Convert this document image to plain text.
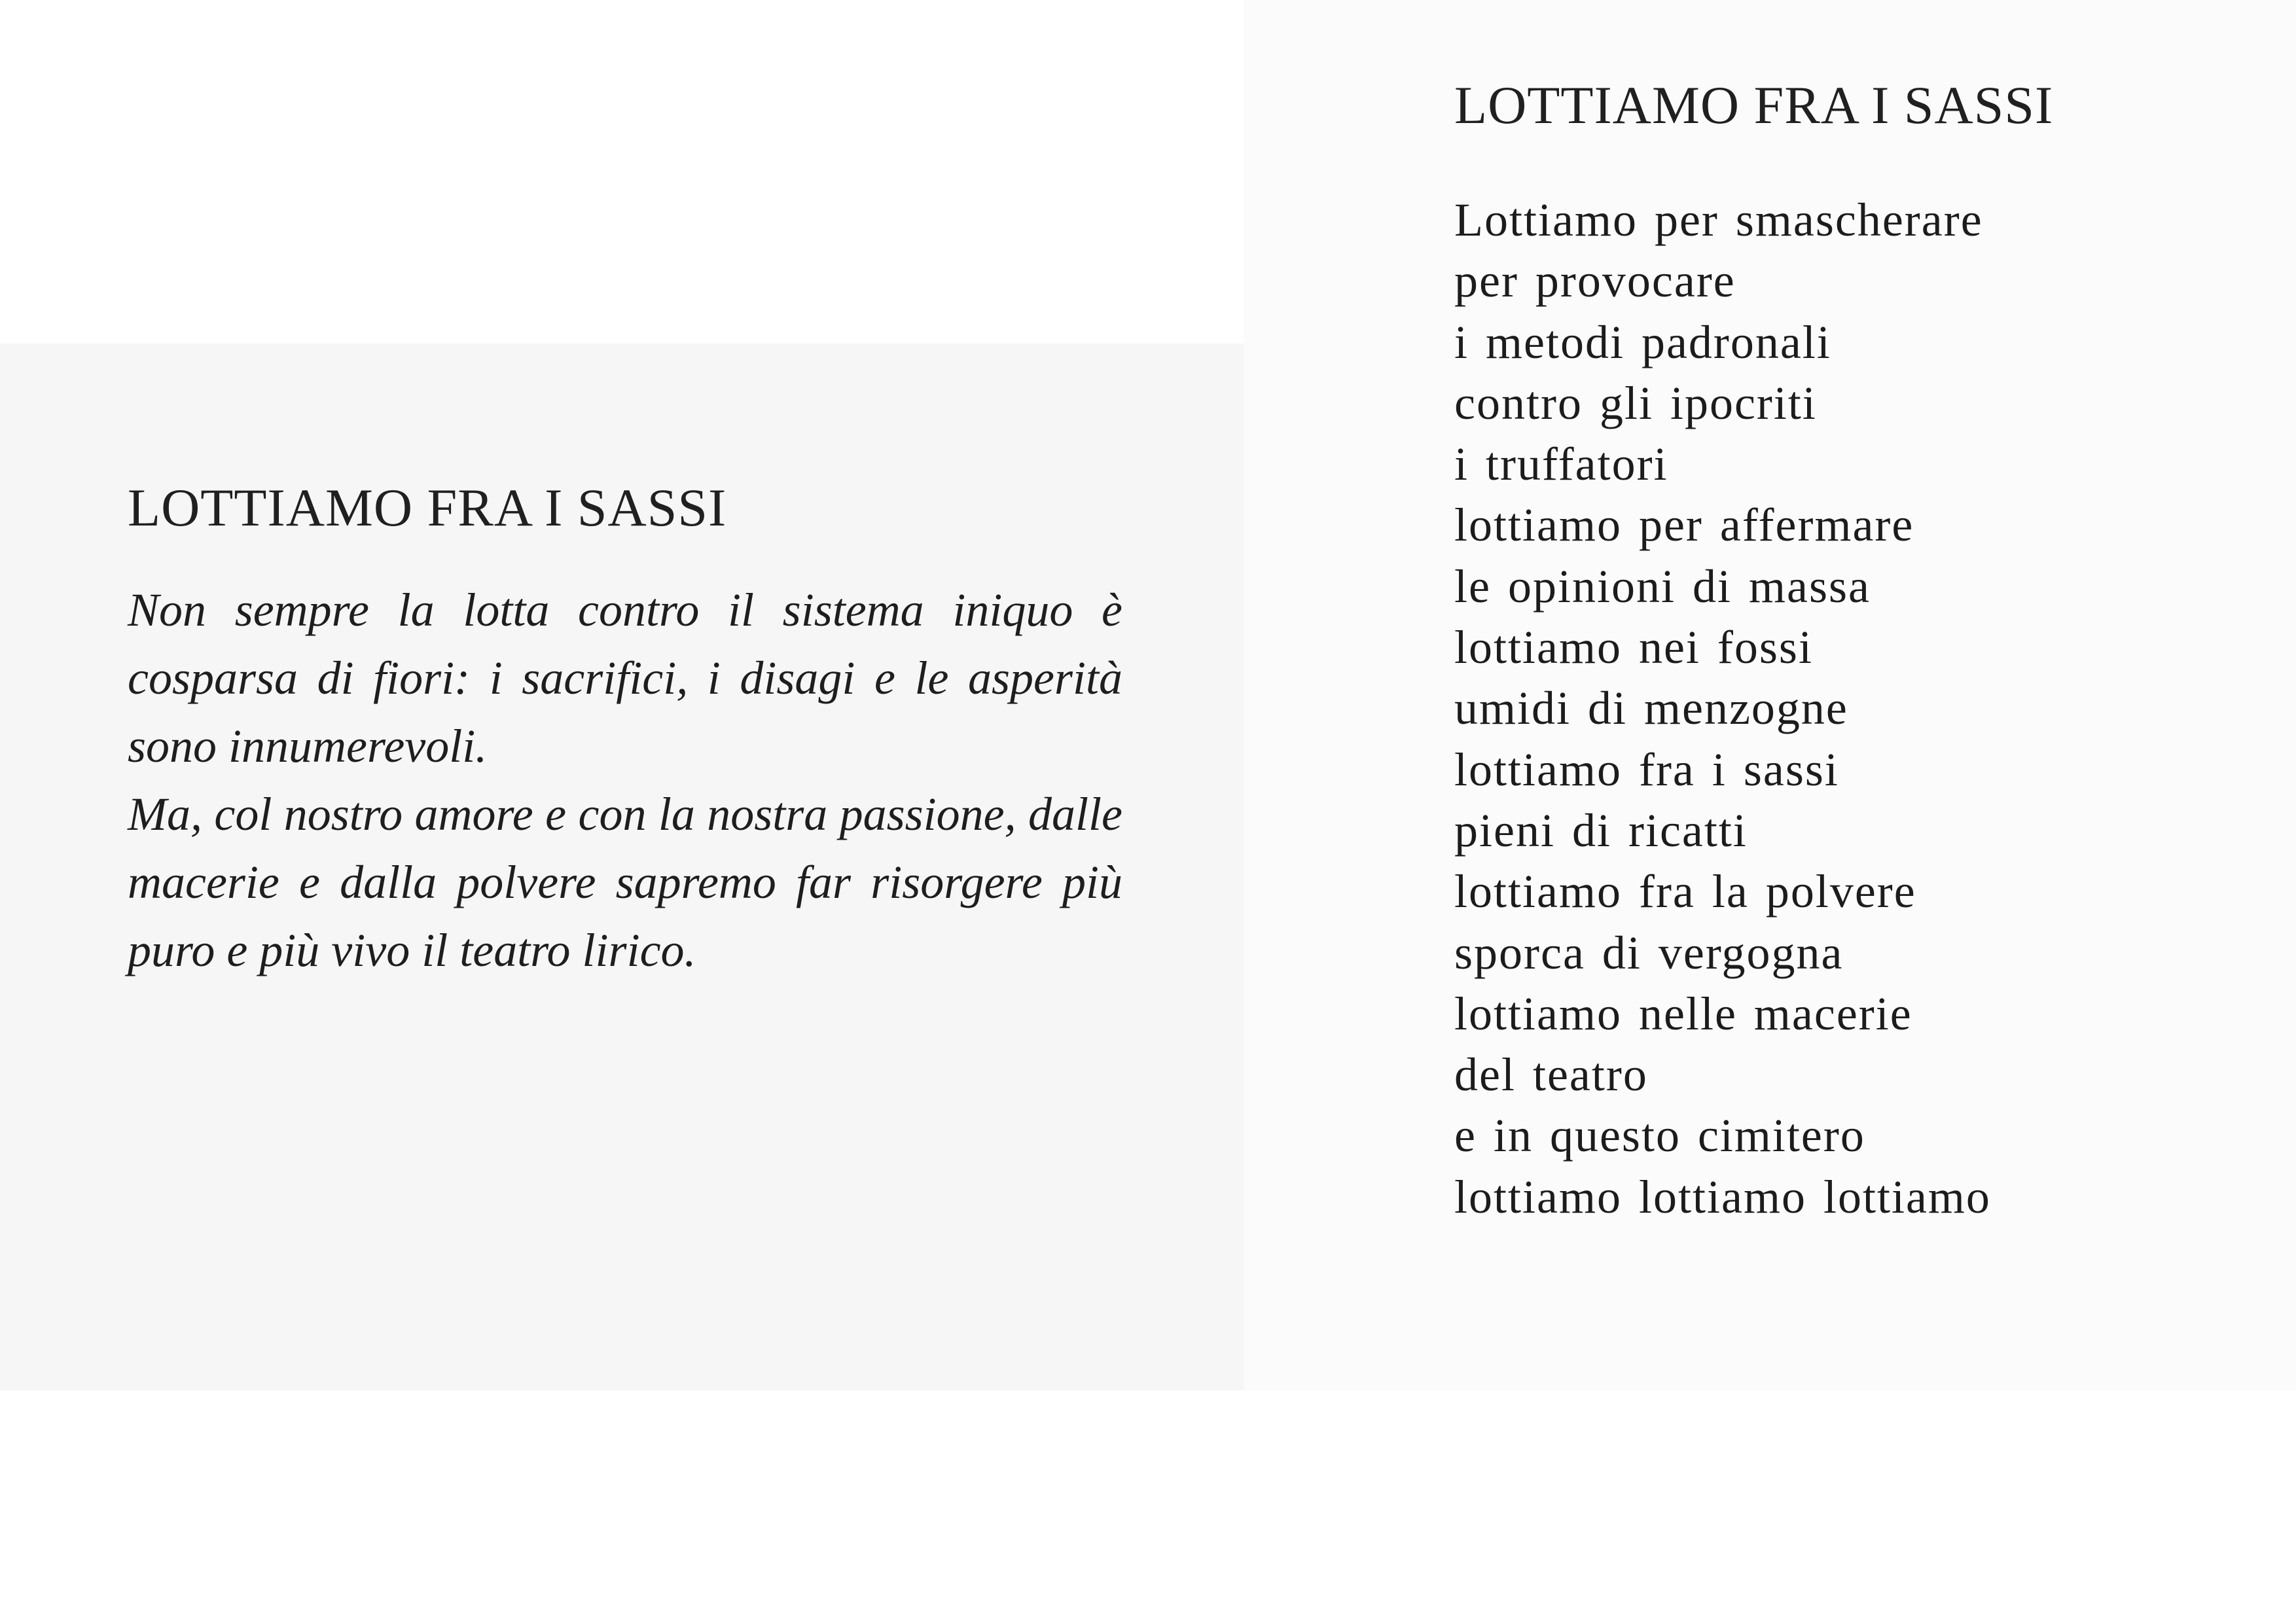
LOTTIAMO FRA I SASSI

Non sempre la lotta contro il sistema iniquo è cosparsa di fiori: i sacrifici, i disagi e le asperità sono innumerevoli.

Ma, col nostro amore e con la nostra passione, dalle macerie e dalla polvere sapremo far risorgere più puro e più vivo il teatro lirico.

LOTTIAMO FRA I SASSI
Lottiamo per smascherare
per provocare
i metodi padronali
contro gli ipocriti
i truffatori
lottiamo per affermare
le opinioni di massa
lottiamo nei fossi
umidi di menzogne
lottiamo fra i sassi
pieni di ricatti
lottiamo fra la polvere
sporca di vergogna
lottiamo nelle macerie
del teatro
e in questo cimitero
lottiamo lottiamo lottiamo
